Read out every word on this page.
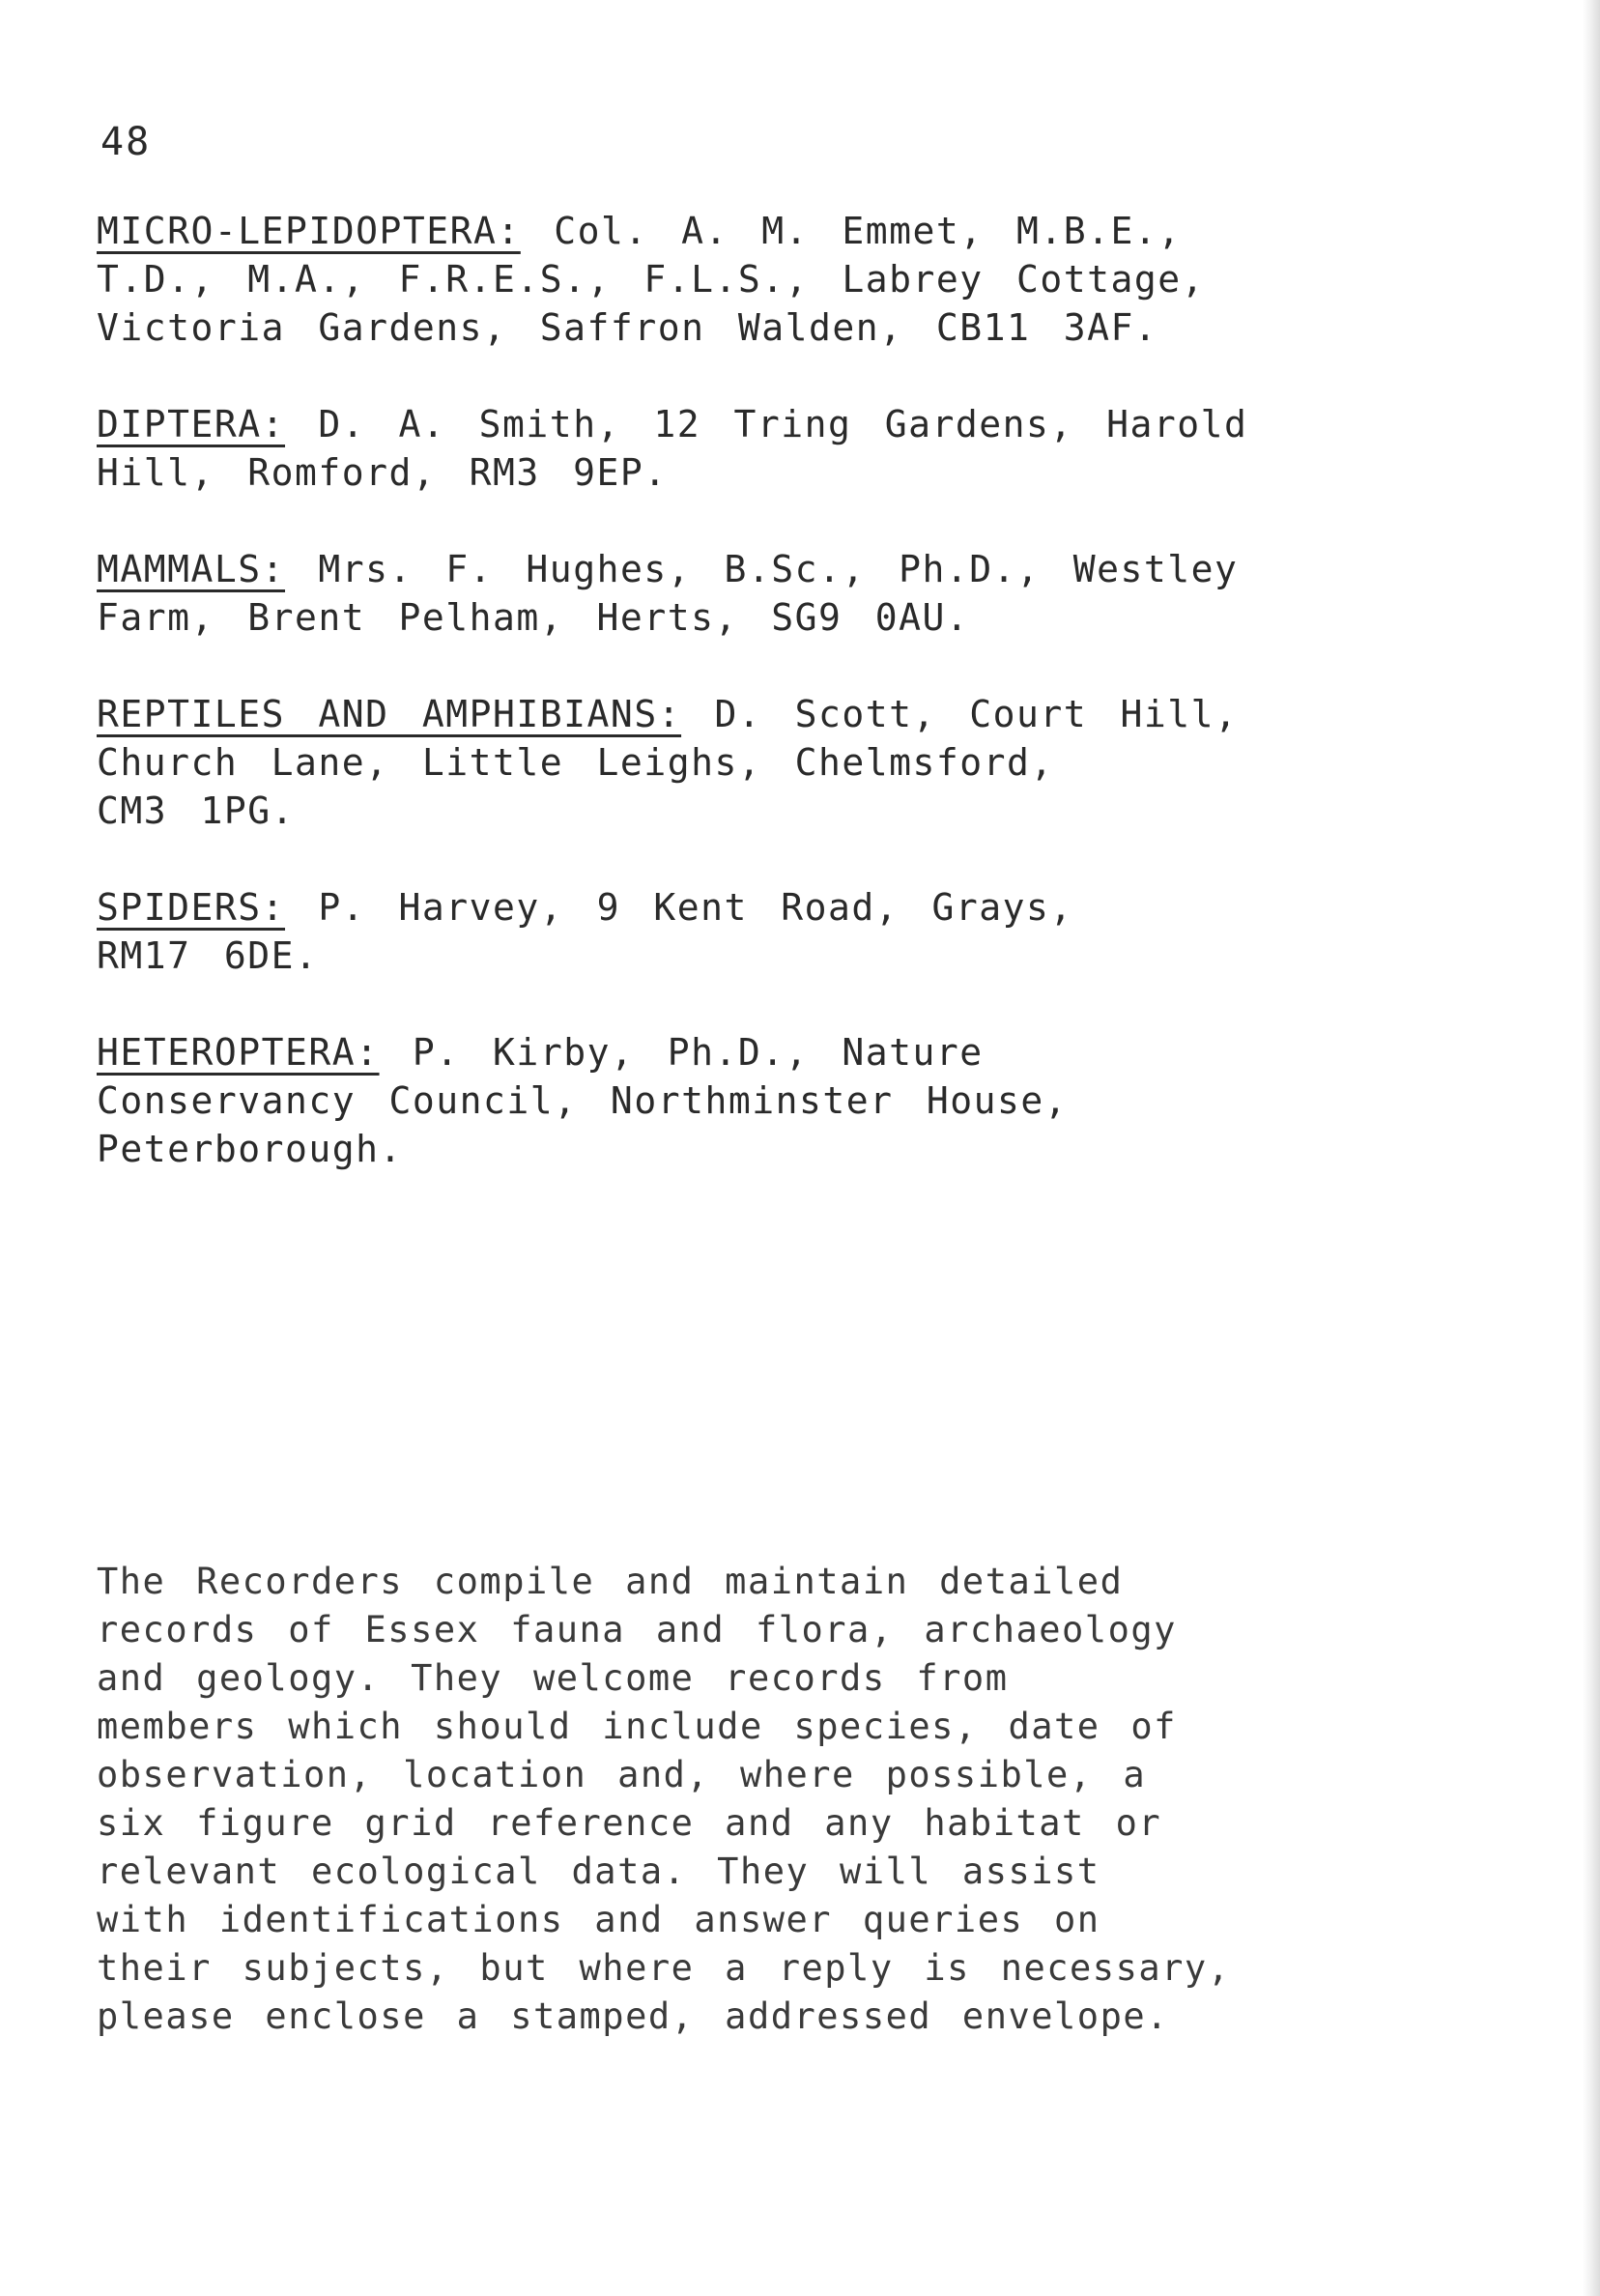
48
MICRO-LEPIDOPTERA: Col. A. M. Emmet, M.B.E.,
T.D., M.A., F.R.E.S., F.L.S., Labrey Cottage,
Victoria Gardens, Saffron Walden, CB11 3AF.
DIPTERA: D. A. Smith, 12 Tring Gardens, Harold
Hill, Romford, RM3 9EP.
MAMMALS: Mrs. F. Hughes, B.Sc., Ph.D., Westley
Farm, Brent Pelham, Herts, SG9 0AU.
REPTILES AND AMPHIBIANS: D. Scott, Court Hill,
Church Lane, Little Leighs, Chelmsford,
CM3 1PG.
SPIDERS: P. Harvey, 9 Kent Road, Grays,
RM17 6DE.
HETEROPTERA: P. Kirby, Ph.D., Nature
Conservancy Council, Northminster House,
Peterborough.
The Recorders compile and maintain detailed
records of Essex fauna and flora, archaeology
and geology. They welcome records from
members which should include species, date of
observation, location and, where possible, a
six figure grid reference and any habitat or
relevant ecological data. They will assist
with identifications and answer queries on
their subjects, but where a reply is necessary,
please enclose a stamped, addressed envelope.
